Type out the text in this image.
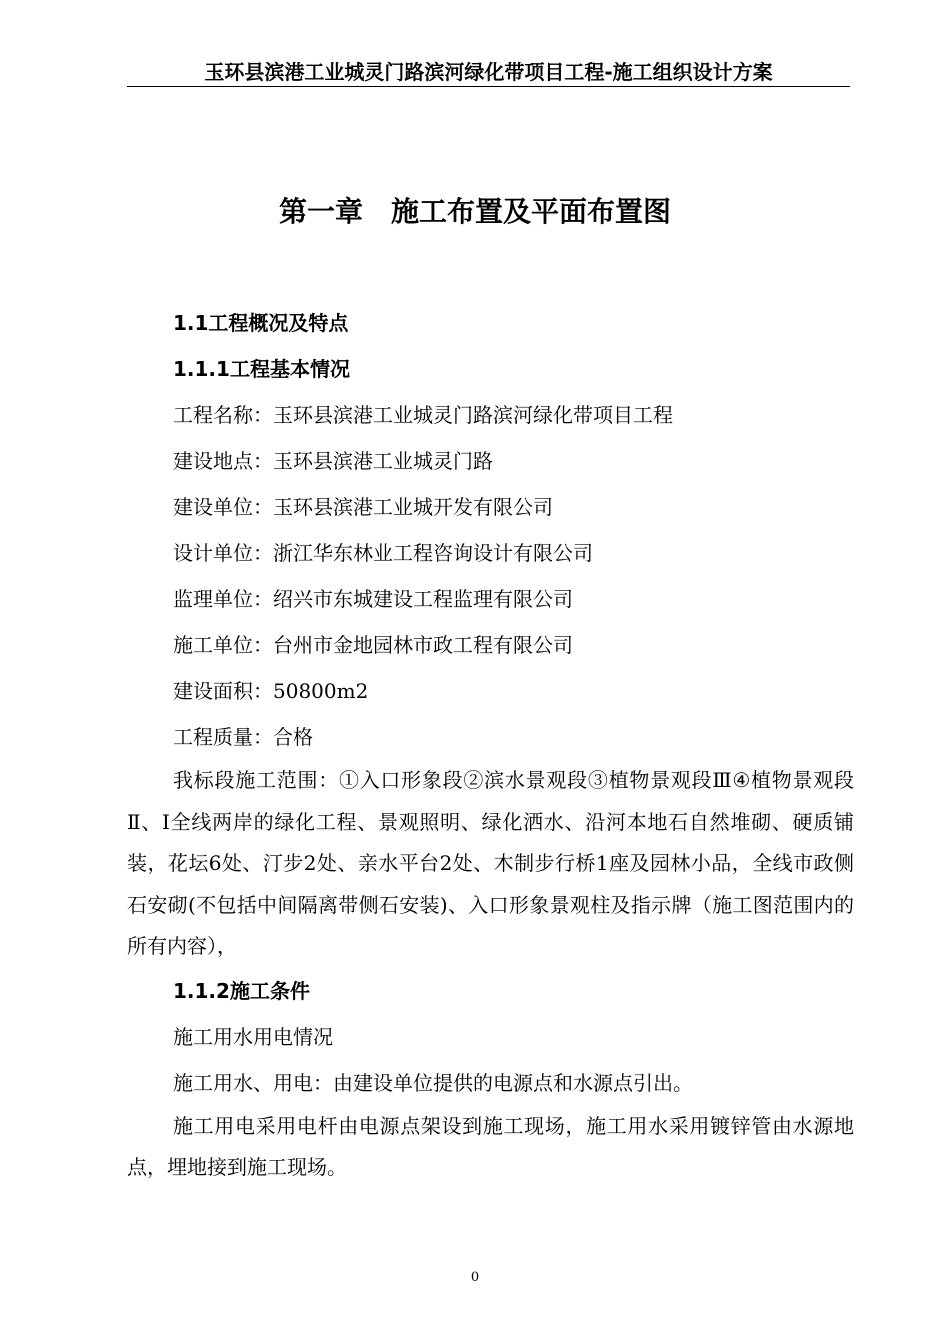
玉环县滨港工业城灵门路滨河绿化带项目工程-施工组织设计方案
第一章　施工布置及平面布置图
1.1工程概况及特点
1.1.1工程基本情况
工程名称：玉环县滨港工业城灵门路滨河绿化带项目工程
建设地点：玉环县滨港工业城灵门路
建设单位：玉环县滨港工业城开发有限公司
设计单位：浙江华东林业工程咨询设计有限公司
监理单位：绍兴市东城建设工程监理有限公司
施工单位：台州市金地园林市政工程有限公司
建设面积：50800m2
工程质量：合格

我标段施工范围：①入口形象段②滨水景观段③植物景观段Ⅲ④植物景观段Ⅱ、Ⅰ全线两岸的绿化工程、景观照明、绿化洒水、沿河本地石自然堆砌、硬质铺装，花坛6处、汀步2处、亲水平台2处、木制步行桥1座及园林小品，全线市政侧石安砌(不包括中间隔离带侧石安装)、入口形象景观柱及指示牌（施工图范围内的所有内容），

1.1.2施工条件
施工用水用电情况
施工用水、用电：由建设单位提供的电源点和水源点引出。

施工用电采用电杆由电源点架设到施工现场，施工用水采用镀锌管由水源地点，埋地接到施工现场。

0
